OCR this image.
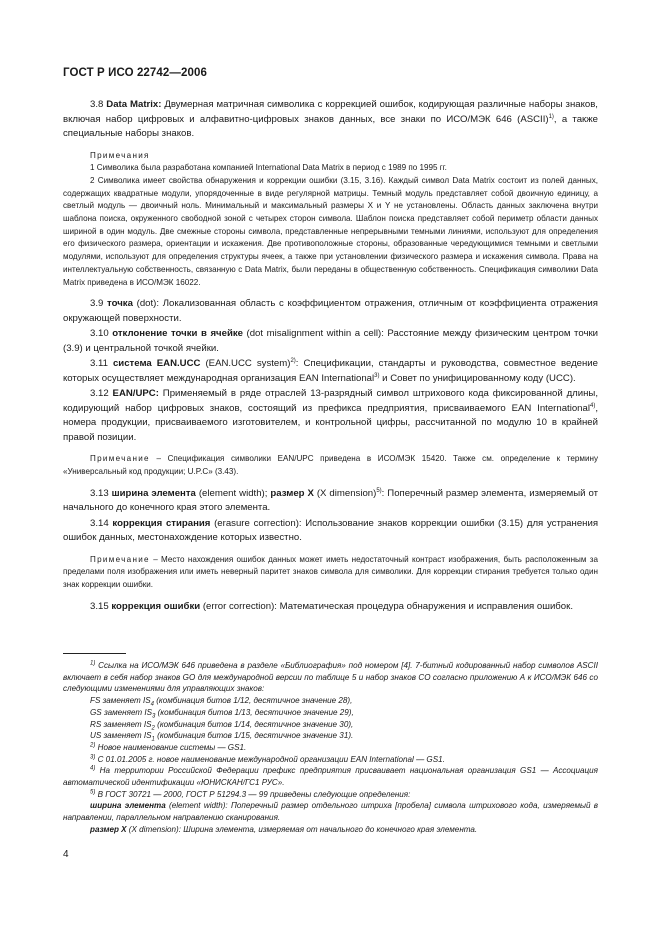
ГОСТ Р ИСО 22742—2006

3.8 Data Matrix: Двумерная матричная символика с коррекцией ошибок, кодирующая различные наборы знаков, включая набор цифровых и алфавитно-цифровых знаков данных, все знаки по ИСО/МЭК 646 (ASCII)$^{1)}$, а также специальные наборы знаков.

Примечания

1 Символика была разработана компанией International Data Matrix в период с 1989 по 1995 гг.

2 Символика имеет свойства обнаружения и коррекции ошибки (3.15, 3.16). Каждый символ Data Matrix состоит из полей данных, содержащих квадратные модули, упорядоченные в виде регулярной матрицы. Темный модуль представляет собой двоичную единицу, а светлый модуль — двоичный ноль. Минимальный и максимальный размеры X и Y не установлены. Область данных заключена внутри шаблона поиска, окруженного свободной зоной с четырех сторон символа. Шаблон поиска представляет собой периметр области данных шириной в один модуль. Две смежные стороны символа, представленные непрерывными темными линиями, используют для определения его физического размера, ориентации и искажения. Две противоположные стороны, образованные чередующимися темными и светлыми модулями, используют для определения структуры ячеек, а также при установлении физического размера и искажения символа. Права на интеллектуальную собственность, связанную с Data Matrix, были переданы в общественную собственность. Спецификация символики Data Matrix приведена в ИСО/МЭК 16022.

3.9 точка (dot): Локализованная область с коэффициентом отражения, отличным от коэффициента отражения окружающей поверхности.

3.10 отклонение точки в ячейке (dot misalignment within a cell): Расстояние между физическим центром точки (3.9) и центральной точкой ячейки.

3.11 система EAN.UCC (EAN.UCC system)$^{2)}$: Спецификации, стандарты и руководства, совместное ведение которых осуществляет международная организация EAN International$^{3)}$ и Совет по унифицированному коду (UCC).

3.12 EAN/UPC: Применяемый в ряде отраслей 13-разрядный символ штрихового кода фиксированной длины, кодирующий набор цифровых знаков, состоящий из префикса предприятия, присваиваемого EAN International$^{4)}$, номера продукции, присваиваемого изготовителем, и контрольной цифры, рассчитанной по модулю 10 в крайней правой позиции.

Примечание – Спецификация символики EAN/UPC приведена в ИСО/МЭК 15420. Также см. определение к термину «Универсальный код продукции; U.P.C» (3.43).

3.13 ширина элемента (element width); размер X (X dimension)$^{5)}$: Поперечный размер элемента, измеряемый от начального до конечного края этого элемента.

3.14 коррекция стирания (erasure correction): Использование знаков коррекции ошибки (3.15) для устранения ошибок данных, местонахождение которых известно.

Примечание – Место нахождения ошибок данных может иметь недостаточный контраст изображения, быть расположенным за пределами поля изображения или иметь неверный паритет знаков символа для символики. Для коррекции стирания требуется только один знак коррекции ошибки.

3.15 коррекция ошибки (error correction): Математическая процедура обнаружения и исправления ошибок.

$^{1)}$ Ссылка на ИСО/МЭК 646 приведена в разделе «Библиография» под номером [4]. 7-битный кодированный набор символов ASCII включает в себя набор знаков GO для международной версии по таблице 5 и набор знаков CO согласно приложению А к ИСО/МЭК 646 со следующими изменениями для управляющих знаков:

FS заменяет $IS_4$ (комбинация битов 1/12, десятичное значение 28),

GS заменяет $IS_3$ (комбинация битов 1/13, десятичное значение 29),

RS заменяет $IS_2$ (комбинация битов 1/14, десятичное значение 30),

US заменяет $IS_1$ (комбинация битов 1/15, десятичное значение 31).

$^{2)}$ Новое наименование системы — GS1.

$^{3)}$ С 01.01.2005 г. новое наименование международной организации EAN International — GS1.

$^{4)}$ На территории Российской Федерации префикс предприятия присваивает национальная организация GS1 — Ассоциация автоматической идентификации «ЮНИСКАН/ГС1 РУС».

$^{5)}$ В ГОСТ 30721 — 2000, ГОСТ Р 51294.3 — 99 приведены следующие определения:

ширина элемента (element width): Поперечный размер отдельного штриха [пробела] символа штрихового кода, измеряемый в направлении, параллельном направлению сканирования.

размер X (X dimension): Ширина элемента, измеряемая от начального до конечного края элемента.

4
